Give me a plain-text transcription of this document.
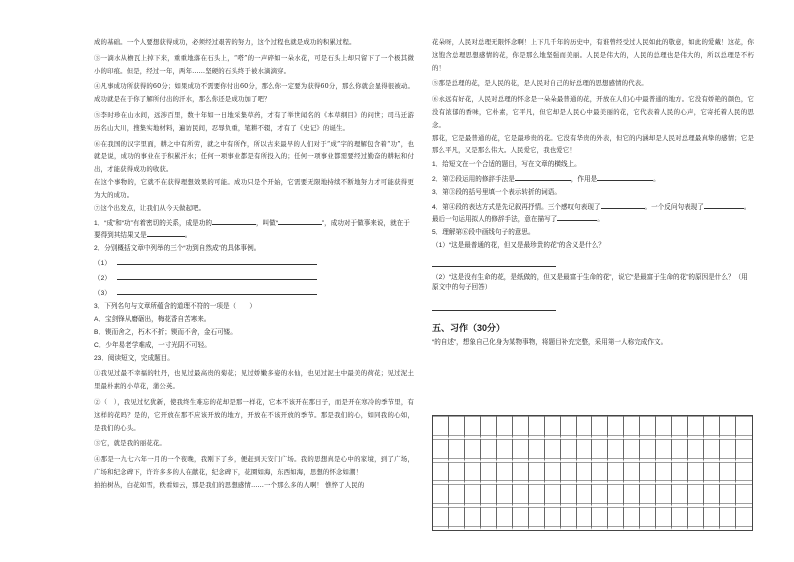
成的基础。一个人要想获得成功，必须经过艰苦的努力，这个过程也就是成功的积累过程。

③一滴水从檐瓦上掉下来，重重地落在石头上，“嗒”的一声碎如一朵水花，可是石头上却只留下了一个极其微小的印痕。但是，经过一年，两年……坚硬的石头终于被水滴滴穿。

④凡事成功所获得的60分；如果成功不需要你付出60分，那么你一定要为获得60分，那么你就会显得很被动。成功就是在于你了解所付出的汗水，那么你还是成功加了吧？

⑤李时珍在山水间，远涉百里，数十年如一日地采集草药，才有了举世闻名的《本草纲目》的问世；司马迁游历名山大川，搜集实地材料，遍访民间，忍辱负重，笔耕不辍，才有了《史记》的诞生。

⑥在我国的汉字里面，耕之中有所劳，就之中有所作，所以古来最早的人们对于“成”字的理解包含着“功”，也就是说，成功的事业在于积累汗水；任何一项事业都是有所投入的；任何一项事业都需要经过勤奋的耕耘和付出，才能获得成功的收获。

在这个事物的，它就不在获得理想效果的可能。成功只是个开始，它需要无限地持续不断地努力才可能获得更为大的成功。

⑦这个出发点，让我们从今天做起吧。

1．“成”和“功”有着密切的关系，成是功的	，叫做“	”，成功对于做事来说，就在于要得到其结果又是	。

2．分别概括文章中列举的三个“功到自然成”的具体事例。

（1）

（2）

（3）

3．下列名句与文章所蕴含的道理不符的一项是（　　）

A．宝剑锋从磨砺出，梅花香自苦寒来。

B．锲而舍之，朽木不折；锲而不舍，金石可镂。

C．少年易老学难成，一寸光阴不可轻。

23．阅读短文，完成题目。

①我见过最不幸福的牡丹，也见过最高贵的菊花；见过娇嫩多姿的水仙，也见过泥土中最美的荷花；见过泥土里最朴素的小草花，蒲公英。

②（　），我见过忆犹新，使我终生难忘的花却是那一样花，它本不该开在那日子，而是开在寒冷的季节里，有这样的花吗？是的，它开放在那不应该开放的地方，开放在不该开放的季节。那是我们的心，如同我的心如，是我们的心头。

③它，就是我的丽花花。

④那是一九七六年一月的一个夜晚，我刚下了乡，便赶到天安门广场。我的思想真是心中的家境，到了广场，广场和纪念碑下，许许多多的人在献花，纪念碑下，花圈如海，东西如海，思想的怀念如潮！

拍拍树丛，白花如雪，秩看如云，那是我们的思想感情……一个那么多的人啊！ 憔悴了人民的

花朵呀，人民对总理无限怀念啊！上下几千年的历史中，有谁曾经受过人民如此的敬意，如此的爱戴！这花，你这饱含总理思想感情的花，你是那么地坚强而美丽。人民是伟大的，人民的总理也是伟大的，所以总理是不朽的！

⑤那是总理的花，是人民的花，是人民对自己的好总理的思想感情的代表。

⑥永远有好花，人民对总理的怀念是一朵朵最普通的花，开放在人们心中最普通的地方。它没有娇艳的颜色，它没有浓郁的香味，它朴素，它平凡，但它却是人民心中最美丽的花，它代表着人民的心声，它寄托着人民的思念。

那花，它是最普通的花，它是最珍贵的花。它没有华贵的外表，但它的内涵却是人民对总理最真挚的感情；它是那么平凡，又是那么伟大。人民爱它，我也爱它！

1．给短文在一个合适的题目，写在文章的横线上。

2．第②段运用的修辞手法是	，作用是	。

3．第③段的括号里填一个表示转折的词语。

4．第④段的表达方式是先记叙再抒情。三个感叹句表现了	。一个反问句表现了	。最后一句运用拟人的修辞手法，意在描写了	。

5．理解第⑥段中画线句子的意思。

（1）“这是最普通的花，但又是最珍贵的花”的含义是什么？

（2）“这是没有生命的花，是纸做的，但又是最富于生命的花”，说它“是最富于生命的花”的原因是什么？（用原文中的句子回答）

五、习作（30分）

“的自述”，想象自己化身为某物事物，将题目补充完整，采用第一人称完成作文。
